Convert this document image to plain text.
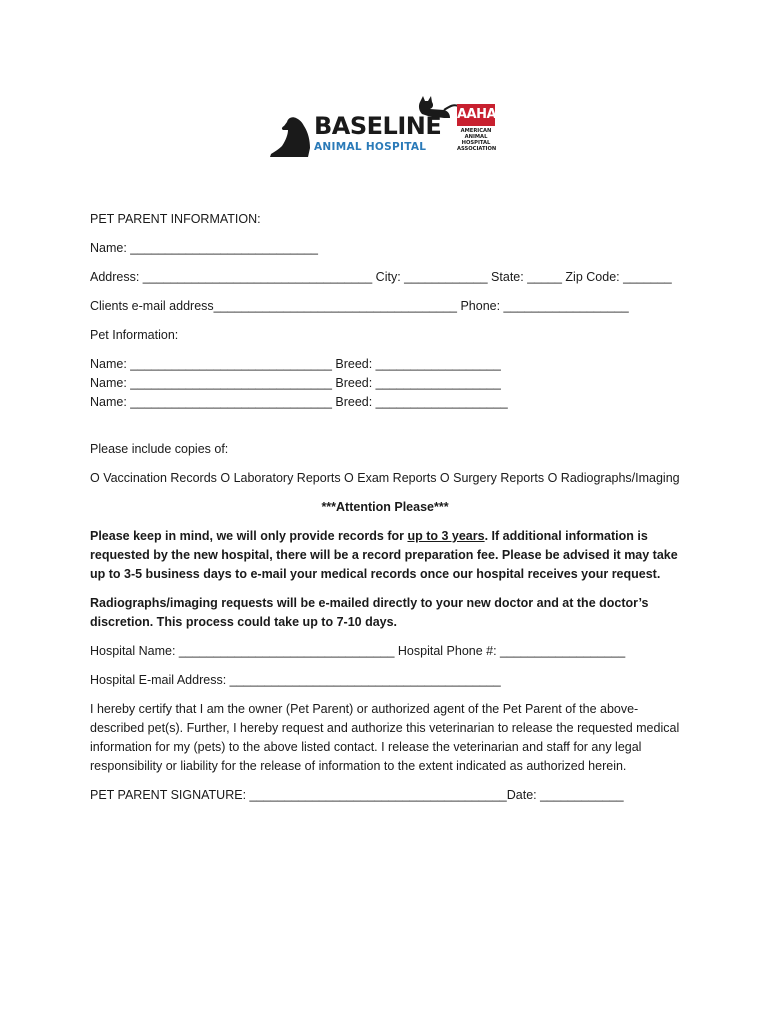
BASELINE
ANIMAL HOSPITAL
AAHA
AMERICAN
ANIMAL
HOSPITAL
ASSOCIATION
PET PARENT INFORMATION:
Name: ___________________________
Address: _________________________________ City: ____________ State: _____ Zip Code: _______
Clients e-mail address___________________________________ Phone: __________________
Pet Information:
Name: _____________________________ Breed: __________________
Name: _____________________________ Breed: __________________
Name: _____________________________ Breed: ___________________
Please include copies of:
O Vaccination Records O Laboratory Reports O Exam Reports O Surgery Reports O Radiographs/Imaging
***Attention Please***
Please keep in mind, we will only provide records for up to 3 years. If additional information is requested by the new hospital, there will be a record preparation fee. Please be advised it may take up to 3-5 business days to e-mail your medical records once our hospital receives your request.
Radiographs/imaging requests will be e-mailed directly to your new doctor and at the doctor’s discretion. This process could take up to 7-10 days.
Hospital Name: _______________________________ Hospital Phone #: __________________
Hospital E-mail Address: _______________________________________
I hereby certify that I am the owner (Pet Parent) or authorized agent of the Pet Parent of the above-described pet(s). Further, I hereby request and authorize this veterinarian to release the requested medical information for my (pets) to the above listed contact. I release the veterinarian and staff for any legal responsibility or liability for the release of information to the extent indicated as authorized herein.
PET PARENT SIGNATURE: _____________________________________Date: ____________
